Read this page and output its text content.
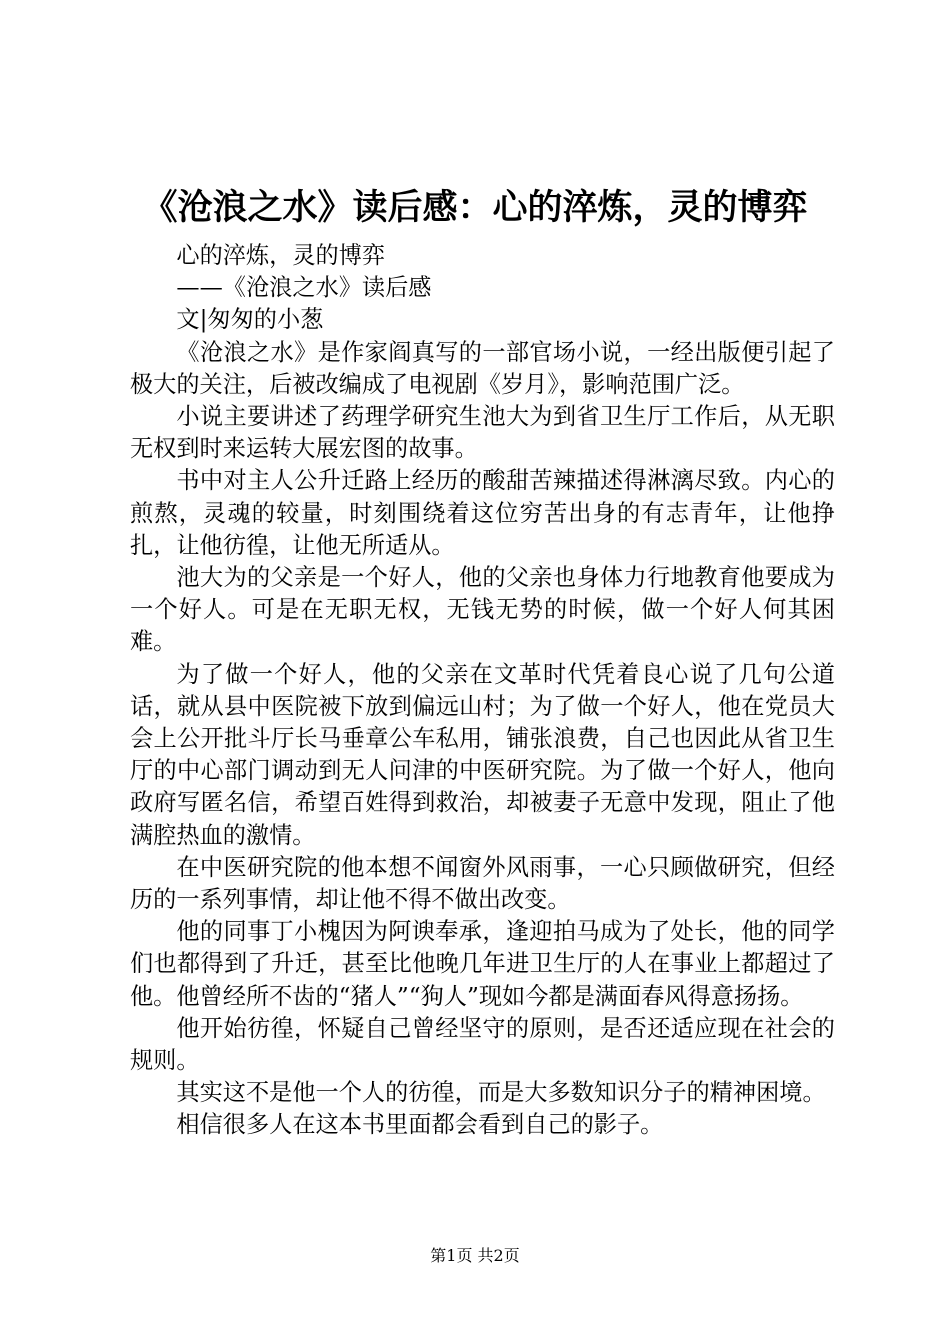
《沧浪之水》读后感：心的淬炼，灵的博弈

心的淬炼，灵的博弈

——《沧浪之水》读后感

文|匆匆的小葱

《沧浪之水》是作家阎真写的一部官场小说，一经出版便引起了极大的关注，后被改编成了电视剧《岁月》，影响范围广泛。

小说主要讲述了药理学研究生池大为到省卫生厅工作后，从无职无权到时来运转大展宏图的故事。

书中对主人公升迁路上经历的酸甜苦辣描述得淋漓尽致。内心的煎熬，灵魂的较量，时刻围绕着这位穷苦出身的有志青年，让他挣扎，让他彷徨，让他无所适从。

池大为的父亲是一个好人，他的父亲也身体力行地教育他要成为一个好人。可是在无职无权，无钱无势的时候，做一个好人何其困难。

为了做一个好人，他的父亲在文革时代凭着良心说了几句公道话，就从县中医院被下放到偏远山村；为了做一个好人，他在党员大会上公开批斗厅长马垂章公车私用，铺张浪费，自己也因此从省卫生厅的中心部门调动到无人问津的中医研究院。为了做一个好人，他向政府写匿名信，希望百姓得到救治，却被妻子无意中发现，阻止了他满腔热血的激情。

在中医研究院的他本想不闻窗外风雨事，一心只顾做研究，但经历的一系列事情，却让他不得不做出改变。

他的同事丁小槐因为阿谀奉承，逢迎拍马成为了处长，他的同学们也都得到了升迁，甚至比他晚几年进卫生厅的人在事业上都超过了他。他曾经所不齿的“猪人”“狗人”现如今都是满面春风得意扬扬。

他开始彷徨，怀疑自己曾经坚守的原则，是否还适应现在社会的规则。

其实这不是他一个人的彷徨，而是大多数知识分子的精神困境。

相信很多人在这本书里面都会看到自己的影子。

第1页 共2页
